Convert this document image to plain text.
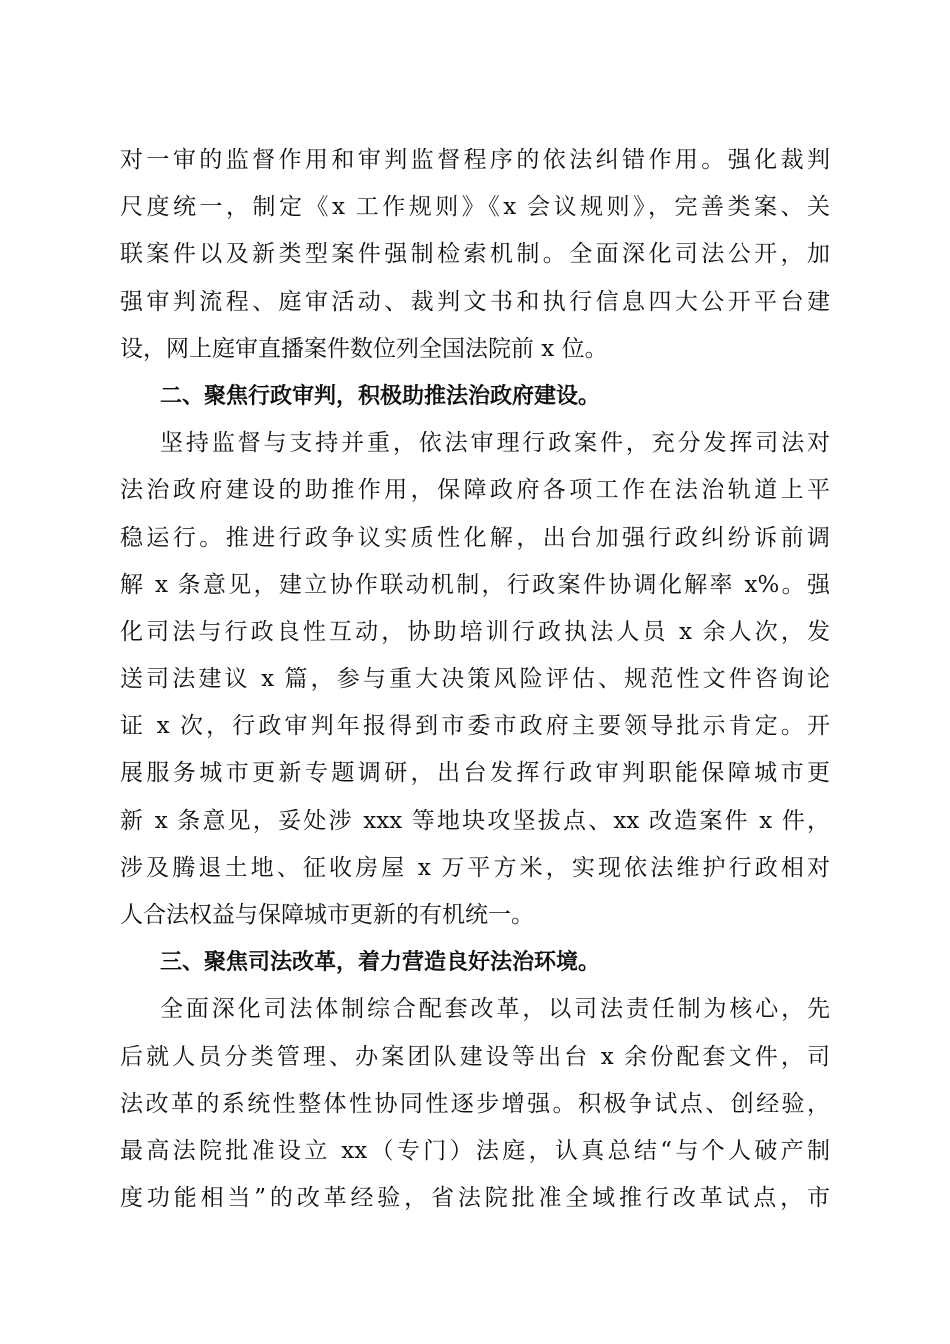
对一审的监督作用和审判监督程序的依法纠错作用。强化裁判
尺度统一，制定《x 工作规则》《x 会议规则》，完善类案、关
联案件以及新类型案件强制检索机制。全面深化司法公开，加
强审判流程、庭审活动、裁判文书和执行信息四大公开平台建
设，网上庭审直播案件数位列全国法院前 x 位。
二、聚焦行政审判，积极助推法治政府建设。
坚持监督与支持并重，依法审理行政案件，充分发挥司法对
法治政府建设的助推作用，保障政府各项工作在法治轨道上平
稳运行。推进行政争议实质性化解，出台加强行政纠纷诉前调
解 x 条意见，建立协作联动机制，行政案件协调化解率 x%。强
化司法与行政良性互动，协助培训行政执法人员 x 余人次，发
送司法建议 x 篇，参与重大决策风险评估、规范性文件咨询论
证 x 次，行政审判年报得到市委市政府主要领导批示肯定。开
展服务城市更新专题调研，出台发挥行政审判职能保障城市更
新 x 条意见，妥处涉 xxx 等地块攻坚拔点、xx 改造案件 x 件，
涉及腾退土地、征收房屋 x 万平方米，实现依法维护行政相对
人合法权益与保障城市更新的有机统一。
三、聚焦司法改革，着力营造良好法治环境。
全面深化司法体制综合配套改革，以司法责任制为核心，先
后就人员分类管理、办案团队建设等出台 x 余份配套文件，司
法改革的系统性整体性协同性逐步增强。积极争试点、创经验，
最高法院批准设立 xx（专门）法庭，认真总结“与个人破产制
度功能相当”的改革经验，省法院批准全域推行改革试点，市
